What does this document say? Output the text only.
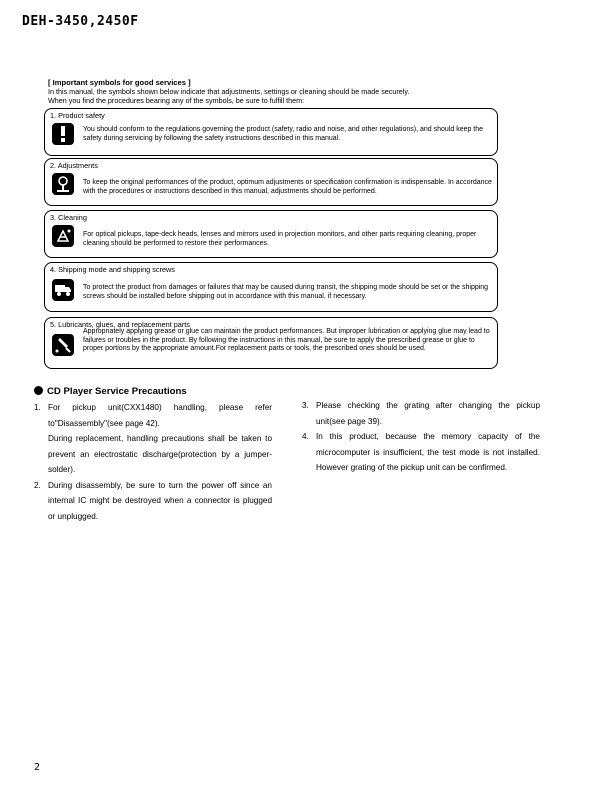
DEH-3450,2450F
[ Important symbols for good services ]
In this manual, the symbols shown below indicate that adjustments, settings or cleaning should be made securely.
When you find the procedures bearing any of the symbols, be sure to fulfill them:
1. Product safety
You should conform to the regulations governing the product (safety, radio and noise, and other regulations), and should keep the safety during servicing by following the safety instructions described in this manual.
2. Adjustments
To keep the original performances of the product, optimum adjustments or specification confirmation is indispensable. In accordance with the procedures or instructions described in this manual, adjustments should be performed.
3. Cleaning
For optical pickups, tape-deck heads, lenses and mirrors used in projection monitors, and other parts requiring cleaning, proper cleaning should be performed to restore their performances.
4. Shipping mode and shipping screws
To protect the product from damages or failures that may be caused during transit, the shipping mode should be set or the shipping screws should be installed before shipping out in accordance with this manual, if necessary.
5. Lubricants, glues, and replacement parts
Appropriately applying grease or glue can maintain the product performances. But improper lubrication or applying glue may lead to failures or troubles in the product. By following the instructions in this manual, be sure to apply the prescribed grease or glue to proper portions by the appropriate amount.For replacement parts or tools, the prescribed ones should be used.
CD Player Service Precautions
1. For pickup unit(CXX1480) handling, please refer to"Disassembly"(see page 42).

During replacement, handling precautions shall be taken to prevent an electrostatic discharge(protection by a jumper-solder).

2. During disassembly, be sure to turn the power off since an internal IC might be destroyed when a connector is plugged or unplugged.

3. Please checking the grating after changing the pickup unit(see page 39).

4. In this product, because the memory capacity of the microcomputer is insufficient, the test mode is not installed. However grating of the pickup unit can be confirmed.

2
